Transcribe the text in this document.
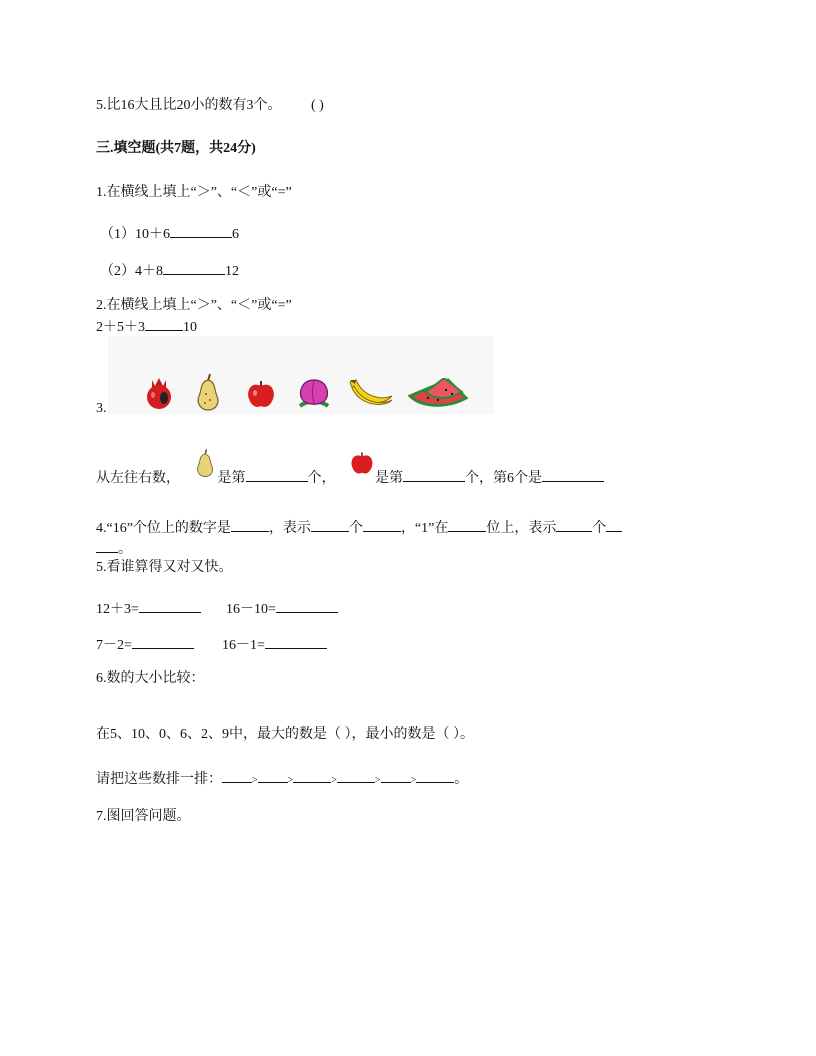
5.比16大且比20小的数有3个。 ( )
三.填空题(共7题，共24分)
1.在横线上填上“＞”、“＜”或“=”
（1）10＋6	6
（2）4＋8	12
2.在横线上填上“＞”、“＜”或“=”
2＋5＋3	10
3.
从左往右数，	是第	个，	是第	个，第6个是
4.“16”个位上的数字是	，表示	个	，“1”在	位上，表示	个
。
5.看谁算得又对又快。
12＋3=	16－10=
7－2=	16－1=
6.数的大小比较：
在5、10、0、6、2、9中，最大的数是（ ），最小的数是（ ）。
请把这些数排一排：	>	>	>	>	>	。
7.图回答问题。
